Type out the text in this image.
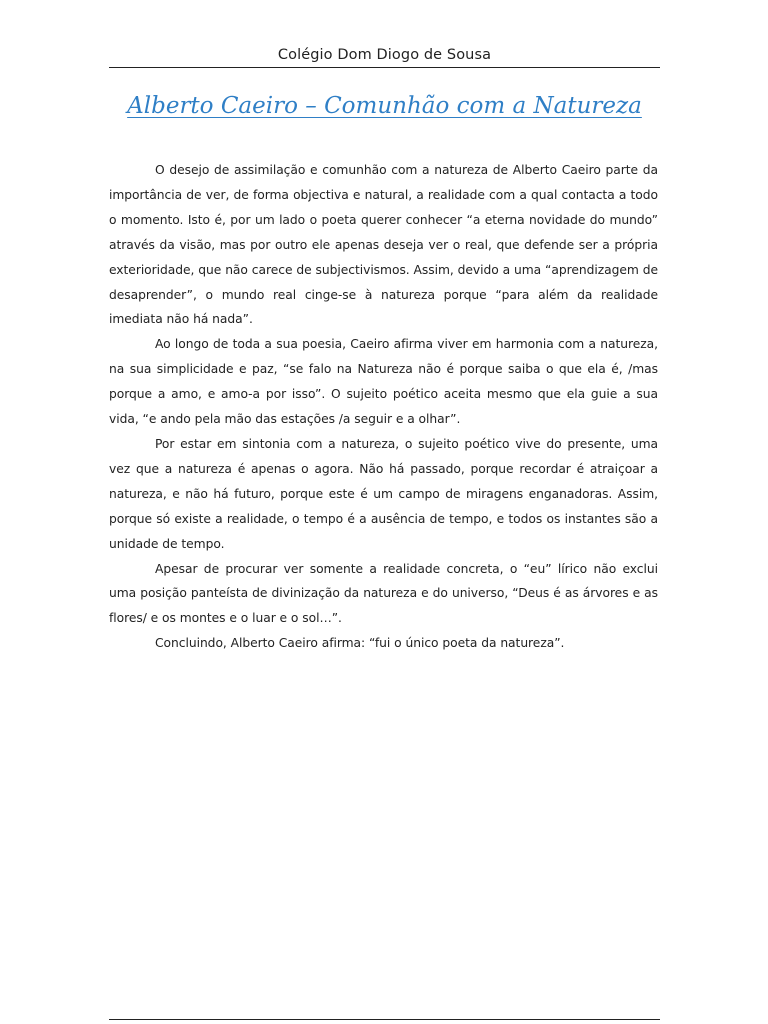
Colégio Dom Diogo de Sousa
Alberto Caeiro – Comunhão com a Natureza

O desejo de assimilação e comunhão com a natureza de Alberto Caeiro parte da importância de ver, de forma objectiva e natural, a realidade com a qual contacta a todo o momento. Isto é, por um lado o poeta querer conhecer “a eterna novidade do mundo” através da visão, mas por outro ele apenas deseja ver o real, que defende ser a própria exterioridade, que não carece de subjectivismos. Assim, devido a uma “aprendizagem de desaprender”, o mundo real cinge-se à natureza porque “para além da realidade imediata não há nada”.

Ao longo de toda a sua poesia, Caeiro afirma viver em harmonia com a natureza, na sua simplicidade e paz, “se falo na Natureza não é porque saiba o que ela é, /mas porque a amo, e amo-a por isso”. O sujeito poético aceita mesmo que ela guie a sua vida, “e ando pela mão das estações /a seguir e a olhar”.

Por estar em sintonia com a natureza, o sujeito poético vive do presente, uma vez que a natureza é apenas o agora. Não há passado, porque recordar é atraiçoar a natureza, e não há futuro, porque este é um campo de miragens enganadoras. Assim, porque só existe a realidade, o tempo é a ausência de tempo, e todos os instantes são a unidade de tempo.

Apesar de procurar ver somente a realidade concreta, o “eu” lírico não exclui uma posição panteísta de divinização da natureza e do universo, “Deus é as árvores e as flores/ e os montes e o luar e o sol…”.

Concluindo, Alberto Caeiro afirma: “fui o único poeta da natureza”.
